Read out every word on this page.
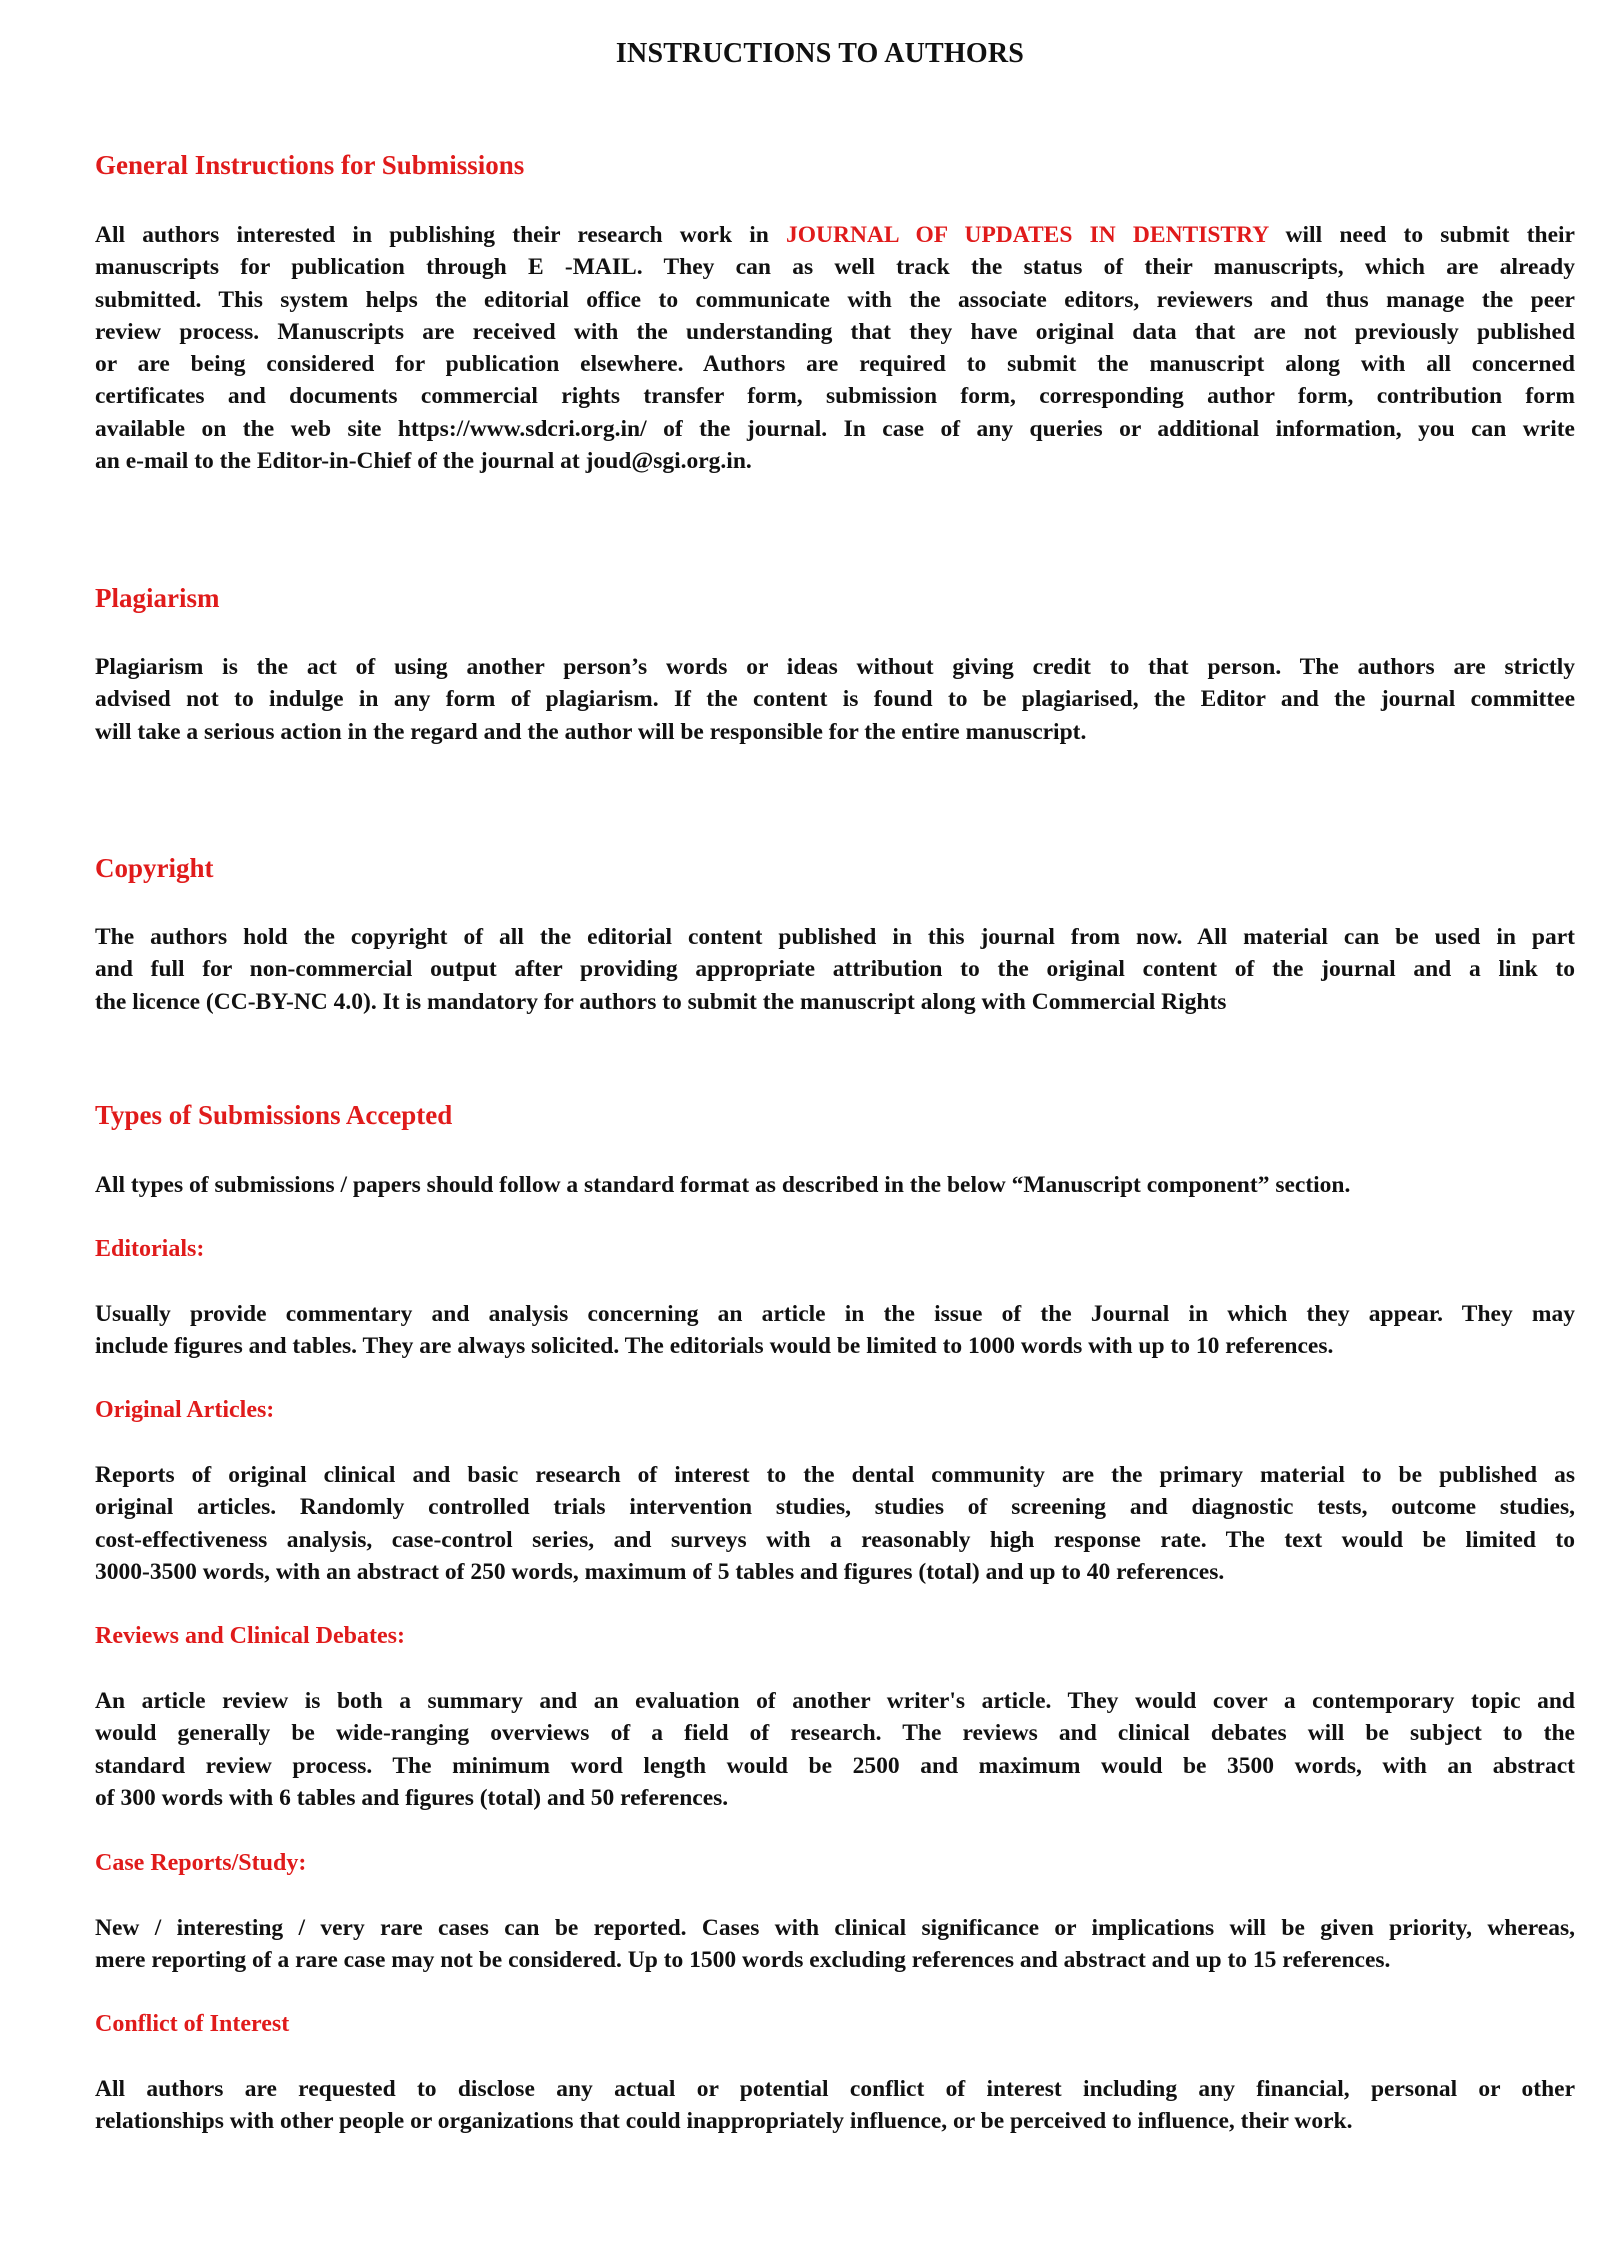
INSTRUCTIONS TO AUTHORS
General Instructions for Submissions
All authors interested in publishing their research work in JOURNAL OF UPDATES IN DENTISTRY will need to submit their
manuscripts for publication through E -MAIL. They can as well track the status of their manuscripts, which are already
submitted. This system helps the editorial office to communicate with the associate editors, reviewers and thus manage the peer
review process. Manuscripts are received with the understanding that they have original data that are not previously published
or are being considered for publication elsewhere. Authors are required to submit the manuscript along with all concerned
certificates and documents commercial rights transfer form, submission form, corresponding author form, contribution form
available on the web site https://www.sdcri.org.in/ of the journal. In case of any queries or additional information, you can write
an e-mail to the Editor-in-Chief of the journal at joud@sgi.org.in.
Plagiarism
Plagiarism is the act of using another person’s words or ideas without giving credit to that person. The authors are strictly
advised not to indulge in any form of plagiarism. If the content is found to be plagiarised, the Editor and the journal committee
will take a serious action in the regard and the author will be responsible for the entire manuscript.
Copyright
The authors hold the copyright of all the editorial content published in this journal from now. All material can be used in part
and full for non-commercial output after providing appropriate attribution to the original content of the journal and a link to
the licence (CC-BY-NC 4.0). It is mandatory for authors to submit the manuscript along with Commercial Rights
Types of Submissions Accepted
All types of submissions / papers should follow a standard format as described in the below “Manuscript component” section.
Editorials:
Usually provide commentary and analysis concerning an article in the issue of the Journal in which they appear. They may
include figures and tables. They are always solicited. The editorials would be limited to 1000 words with up to 10 references.
Original Articles:
Reports of original clinical and basic research of interest to the dental community are the primary material to be published as
original articles. Randomly controlled trials intervention studies, studies of screening and diagnostic tests, outcome studies,
cost-effectiveness analysis, case-control series, and surveys with a reasonably high response rate. The text would be limited to
3000-3500 words, with an abstract of 250 words, maximum of 5 tables and figures (total) and up to 40 references.
Reviews and Clinical Debates:
An article review is both a summary and an evaluation of another writer's article. They would cover a contemporary topic and
would generally be wide-ranging overviews of a field of research. The reviews and clinical debates will be subject to the
standard review process. The minimum word length would be 2500 and maximum would be 3500 words, with an abstract
of 300 words with 6 tables and figures (total) and 50 references.
Case Reports/Study:
New / interesting / very rare cases can be reported. Cases with clinical significance or implications will be given priority, whereas,
mere reporting of a rare case may not be considered. Up to 1500 words excluding references and abstract and up to 15 references.
Conflict of Interest
All authors are requested to disclose any actual or potential conflict of interest including any financial, personal or other
relationships with other people or organizations that could inappropriately influence, or be perceived to influence, their work.
